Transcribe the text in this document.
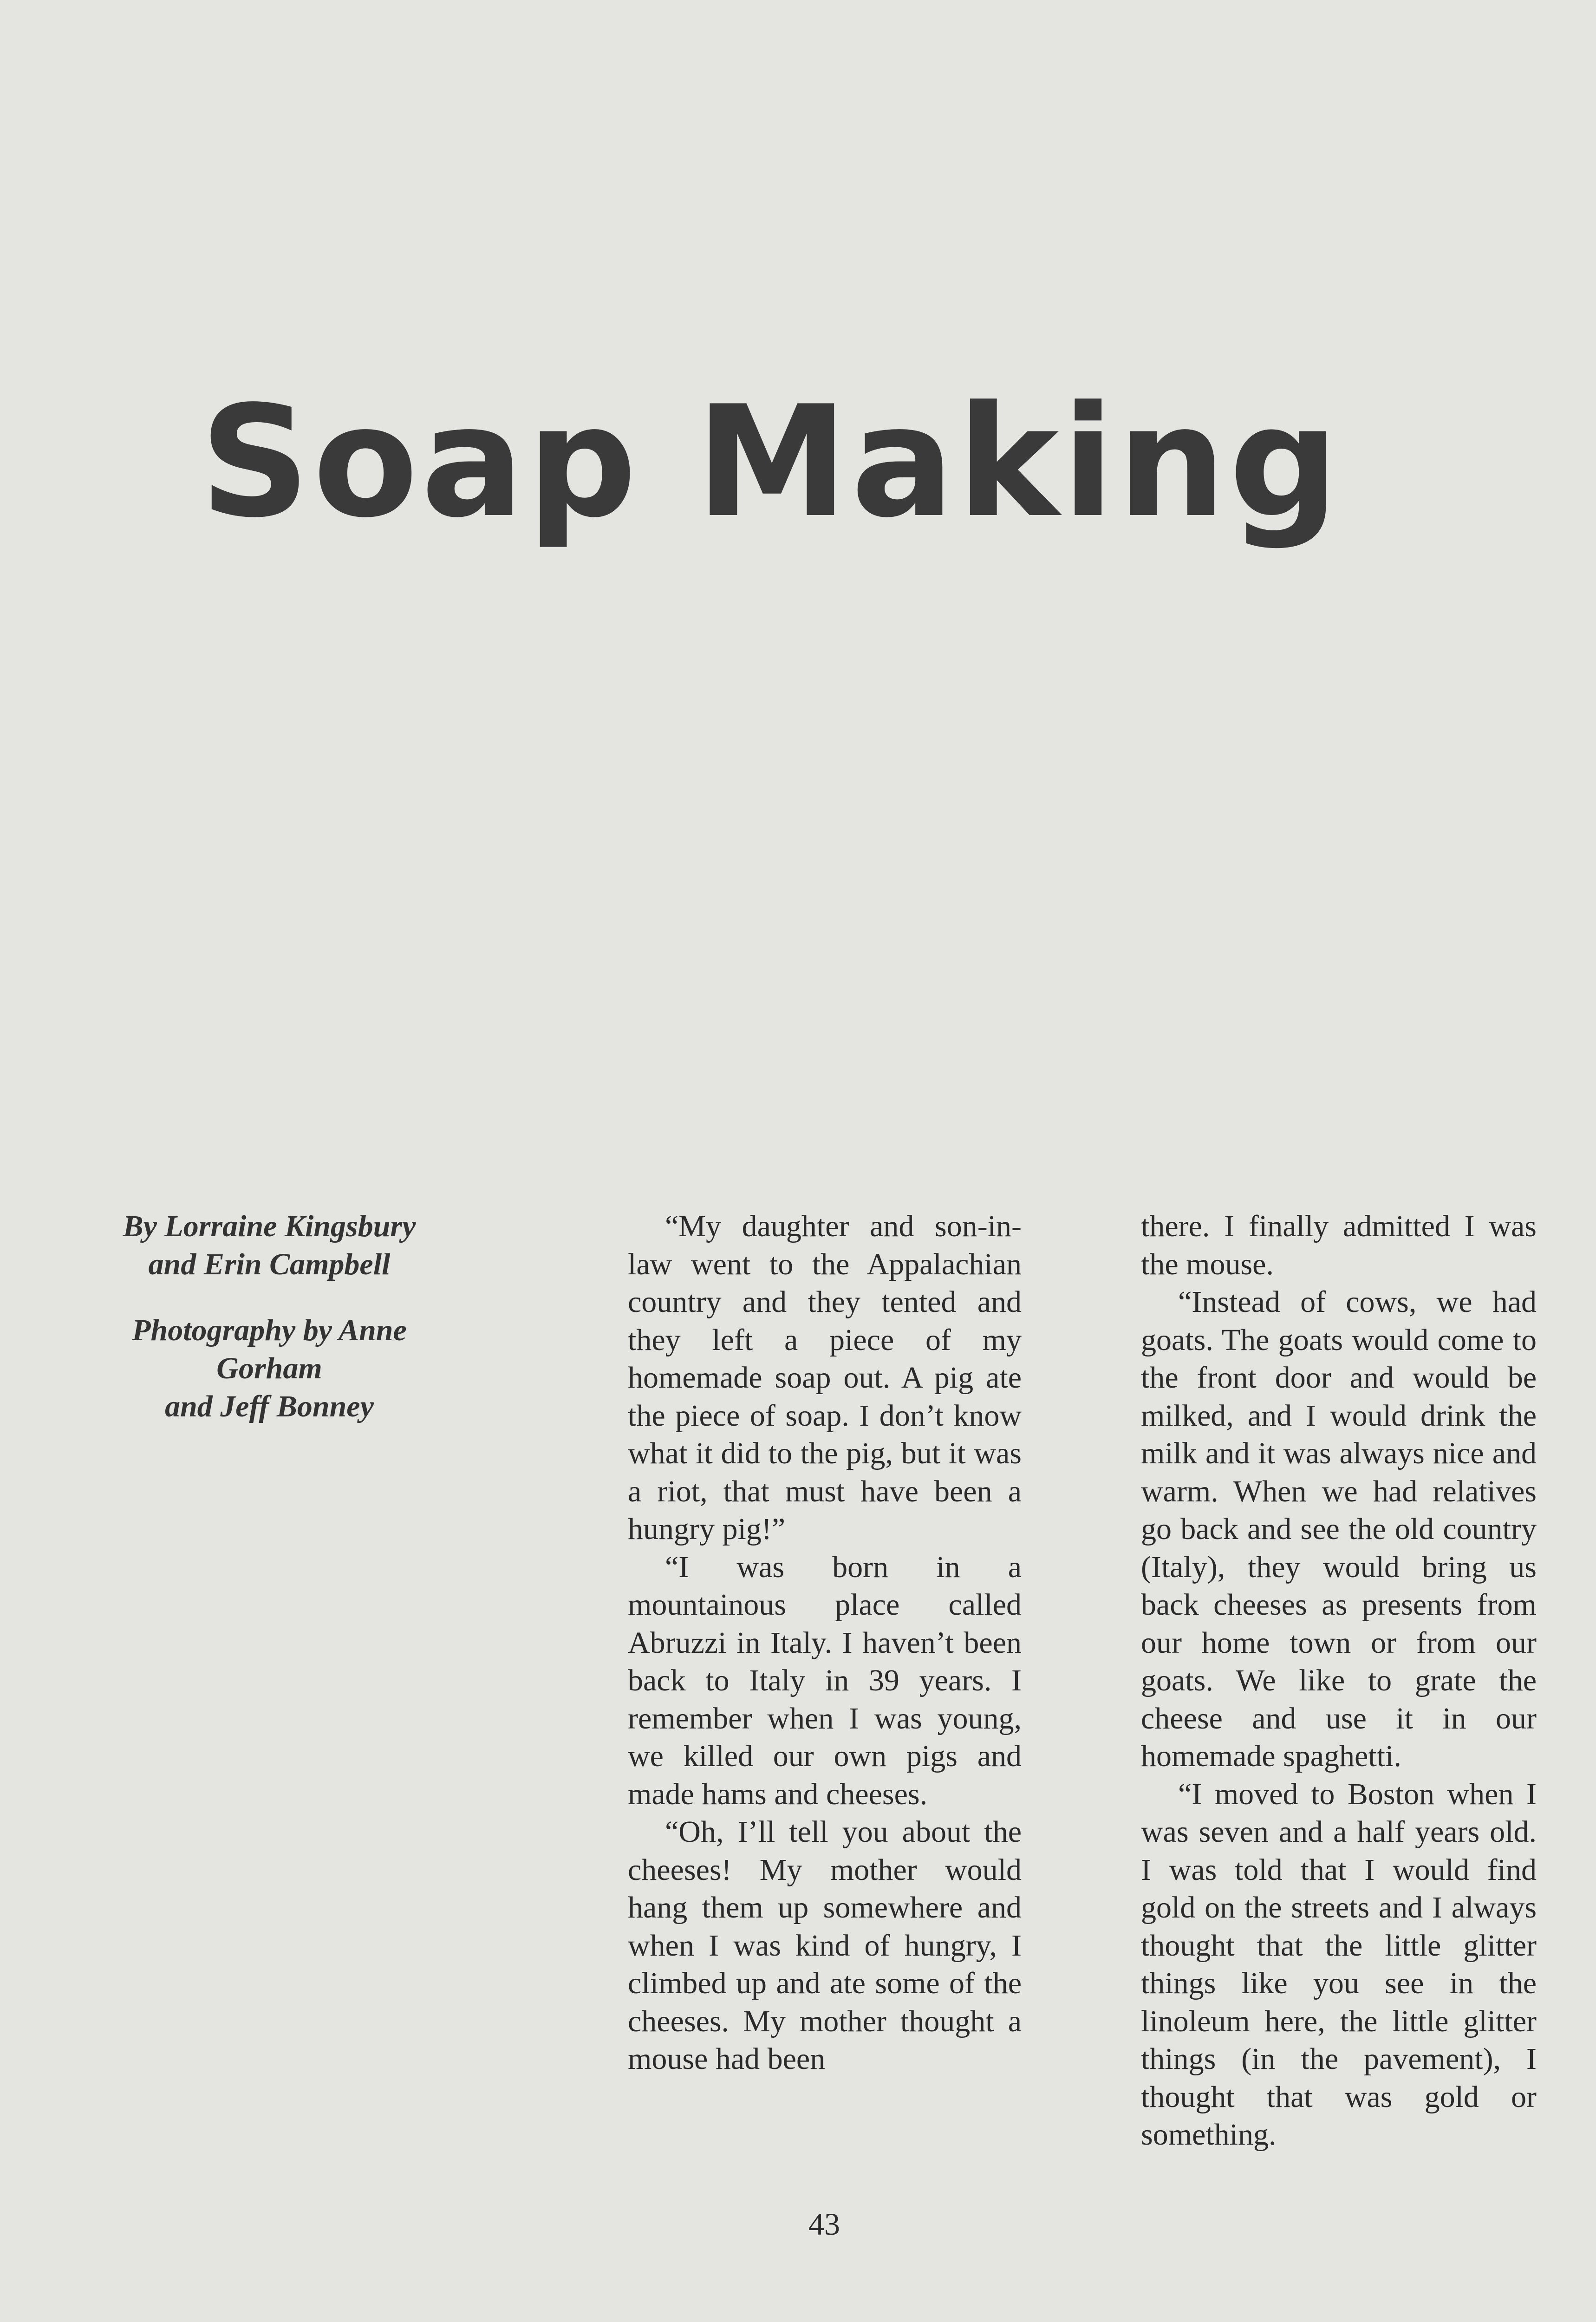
Soap Making

By Lorraine Kingsbury
and Erin Campbell

Photography by Anne
Gorham
and Jeff Bonney

“My daughter and son-in-law went to the Appalachian country and they tented and they left a piece of my homemade soap out. A pig ate the piece of soap. I don’t know what it did to the pig, but it was a riot, that must have been a hungry pig!”

“I was born in a mountainous place called Abruzzi in Italy. I haven’t been back to Italy in 39 years. I remember when I was young, we killed our own pigs and made hams and cheeses.

“Oh, I’ll tell you about the cheeses! My mother would hang them up somewhere and when I was kind of hungry, I climbed up and ate some of the cheeses. My mother thought a mouse had been

there. I finally admitted I was the mouse.

“Instead of cows, we had goats. The goats would come to the front door and would be milked, and I would drink the milk and it was always nice and warm. When we had relatives go back and see the old country (Italy), they would bring us back cheeses as presents from our home town or from our goats. We like to grate the cheese and use it in our homemade spaghetti.

“I moved to Boston when I was seven and a half years old. I was told that I would find gold on the streets and I always thought that the little glitter things like you see in the linoleum here, the little glitter things (in the pavement), I thought that was gold or something.

43
